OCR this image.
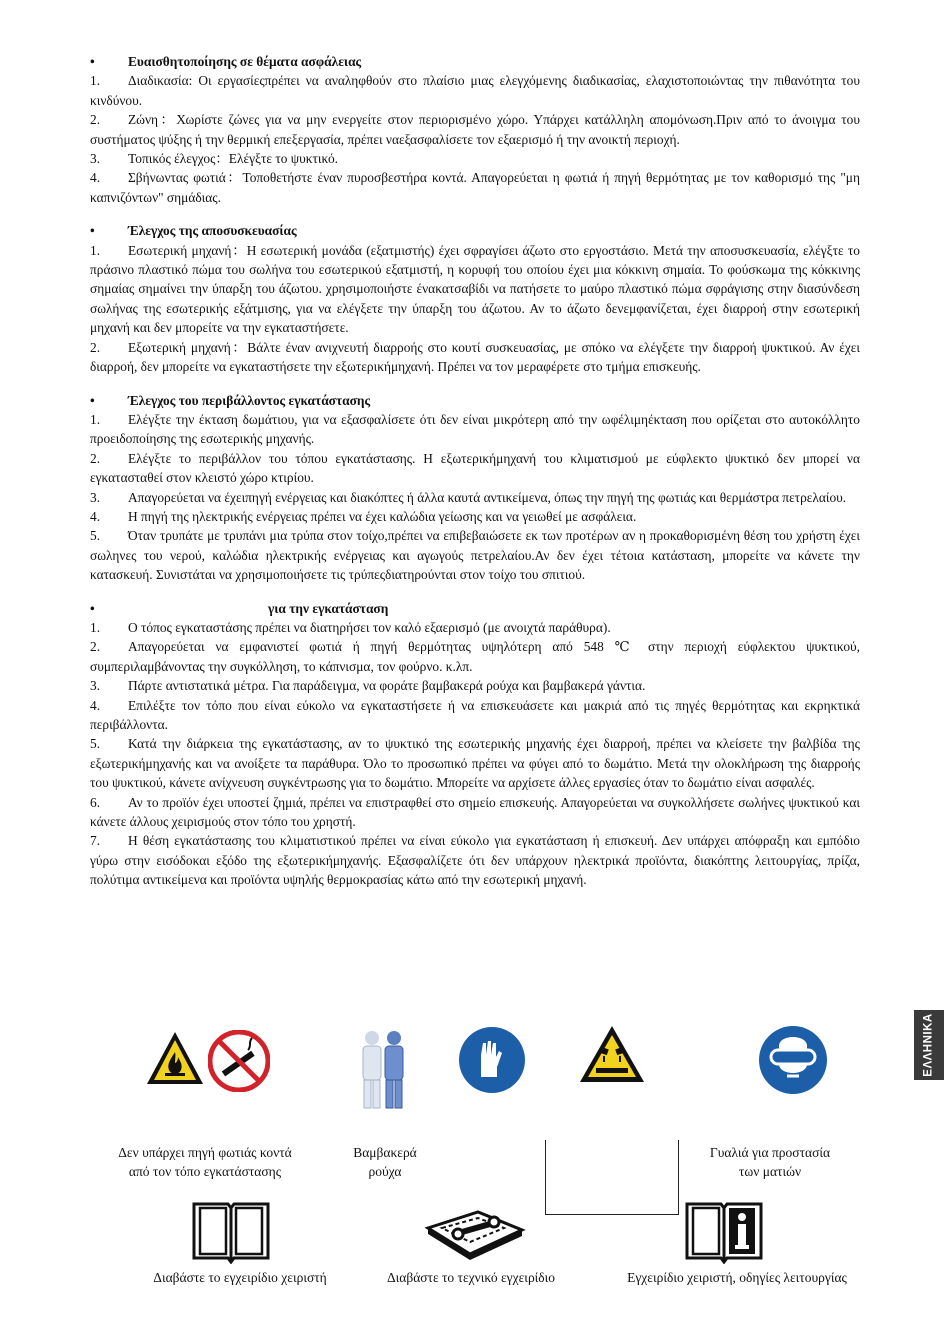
•	Ευαισθητοποίησης σε θέματα ασφάλειας
1. Διαδικασία: Οι εργασίεςπρέπει να αναληφθούν στο πλαίσιο μιας ελεγχόμενης διαδικασίας, ελαχιστοποιώντας την πιθανότητα του κινδύνου.
2. Ζώνη：Χωρίστε ζώνες για να μην ενεργείτε στον περιορισμένο χώρο. Υπάρχει κατάλληλη απομόνωση.Πριν από το άνοιγμα του συστήματος ψύξης ή την θερμική επεξεργασία, πρέπει ναεξασφαλίσετε τον εξαερισμό ή την ανοικτή περιοχή.
3. Τοπικός έλεγχος：Ελέγξτε το ψυκτικό.
4. Σβήνωντας φωτιά：Τοποθετήστε έναν πυροσβεστήρα κοντά. Απαγορεύεται η φωτιά ή πηγή θερμότητας με τον καθορισμό της "μη καπνιζόντων" σημάδιας.
•	Έλεγχος της αποσυσκευασίας
1. Εσωτερική μηχανή：Η εσωτερική μονάδα (εξατμιστής) έχει σφραγίσει άζωτο στο εργοστάσιο. Μετά την αποσυσκευασία, ελέγξτε το πράσινο πλαστικό πώμα του σωλήνα του εσωτερικού εξατμιστή, η κορυφή του οποίου έχει μια κόκκινη σημαία. Το φούσκωμα της κόκκινης σημαίας σημαίνει την ύπαρξη του άζωτου. χρησιμοποιήστε ένακατσαβίδι να πατήσετε το μαύρο πλαστικό πώμα σφράγισης στην διασύνδεση σωλήνας της εσωτερικής εξάτμισης, για να ελέγξετε την ύπαρξη του άζωτου. Αν το άζωτο δενεμφανίζεται, έχει διαρροή στην εσωτερική μηχανή και δεν μπορείτε να την εγκαταστήσετε.
2. Εξωτερική μηχανή：Βάλτε έναν ανιχνευτή διαρροής στο κουτί συσκευασίας, με σπόκο να ελέγξετε την διαρροή ψυκτικού. Αν έχει διαρροή, δεν μπορείτε να εγκαταστήσετε την εξωτερικήμηχανή. Πρέπει να τον μεραφέρετε στο τμήμα επισκευής.
•	Έλεγχος του περιβάλλοντος εγκατάστασης
1. Ελέγξτε την έκταση δωμάτιου, για να εξασφαλίσετε ότι δεν είναι μικρότερη από την ωφέλιμηέκταση που ορίζεται στο αυτοκόλλητο προειδοποίησης της εσωτερικής μηχανής.
2. Ελέγξτε το περιβάλλον του τόπου εγκατάστασης. Η εξωτερικήμηχανή του κλιματισμού με εύφλεκτο ψυκτικό δεν μπορεί να εγκατασταθεί στον κλειστό χώρο κτιρίου.
3. Απαγορεύεται να έχειπηγή ενέργειας και διακόπτες ή άλλα καυτά αντικείμενα, όπως την πηγή της φωτιάς και θερμάστρα πετρελαίου.
4. Η πηγή της ηλεκτρικής ενέργειας πρέπει να έχει καλώδια γείωσης και να γειωθεί με ασφάλεια.
5. Όταν τρυπάτε με τρυπάνι μια τρύπα στον τοίχο,πρέπει να επιβεβαιώσετε εκ των προτέρων αν η προκαθορισμένη θέση του χρήστη έχει σωληνες του νερού, καλώδια ηλεκτρικής ενέργειας και αγωγούς πετρελαίου.Αν δεν έχει τέτοια κατάσταση, μπορείτε να κάνετε την κατασκευή. Συνιστάται να χρησιμοποιήσετε τις τρύπεςδιατηρούνται στον τοίχο του σπιτιού.
•	για την εγκατάσταση
1. Ο τόπος εγκαταστάσης πρέπει να διατηρήσει τον καλό εξαερισμό (με ανοιχτά παράθυρα).
2. Απαγορεύεται να εμφανιστεί φωτιά ή πηγή θερμότητας υψηλότερη από 548 ℃ στην περιοχή εύφλεκτου ψυκτικού, συμπεριλαμβάνοντας την συγκόλληση, το κάπνισμα, τον φούρνο. κ.λπ.
3. Πάρτε αντιστατικά μέτρα. Για παράδειγμα, να φοράτε βαμβακερά ρούχα και βαμβακερά γάντια.
4. Επιλέξτε τον τόπο που είναι εύκολο να εγκαταστήσετε ή να επισκευάσετε και μακριά από τις πηγές θερμότητας και εκρηκτικά περιβάλλοντα.
5. Κατά την διάρκεια της εγκατάστασης, αν το ψυκτικό της εσωτερικής μηχανής έχει διαρροή, πρέπει να κλείσετε την βαλβίδα της εξωτερικήμηχανής και να ανοίξετε τα παράθυρα. Όλο το προσωπικό πρέπει να φύγει από το δωμάτιο. Μετά την ολοκλήρωση της διαρροής του ψυκτικού, κάνετε ανίχνευση συγκέντρωσης για το δωμάτιο. Μπορείτε να αρχίσετε άλλες εργασίες όταν το δωμάτιο είναι ασφαλές.
6. Αν το προϊόν έχει υποστεί ζημιά, πρέπει να επιστραφθεί στο σημείο επισκευής. Απαγορεύεται να συγκολλήσετε σωλήνες ψυκτικού και κάνετε άλλους χειρισμούς στον τόπο του χρηστή.
7. Η θέση εγκατάστασης του κλιματιστικού πρέπει να είναι εύκολο για εγκατάσταση ή επισκευή. Δεν υπάρχει απόφραξη και εμπόδιο γύρω στην εισόδοκαι εξόδο της εξωτερικήμηχανής. Εξασφαλίζετε ότι δεν υπάρχουν ηλεκτρικά προϊόντα, διακόπτης λειτουργίας, πρίζα, πολύτιμα αντικείμενα και προϊόντα υψηλής θερμοκρασίας κάτω από την εσωτερική μηχανή.
ΕΛΛΗΝΙΚΑ
Δεν υπάρχει πηγή φωτιάς κοντά
από τον τόπο εγκατάστασης
Βαμβακερά
ρούχα
Γυαλιά για προστασία
των ματιών
Διαβάστε το εγχειρίδιο χειριστή	Διαβάστε το τεχνικό εγχειρίδιο	Εγχειρίδιο χειριστή, οδηγίες λειτουργίας
